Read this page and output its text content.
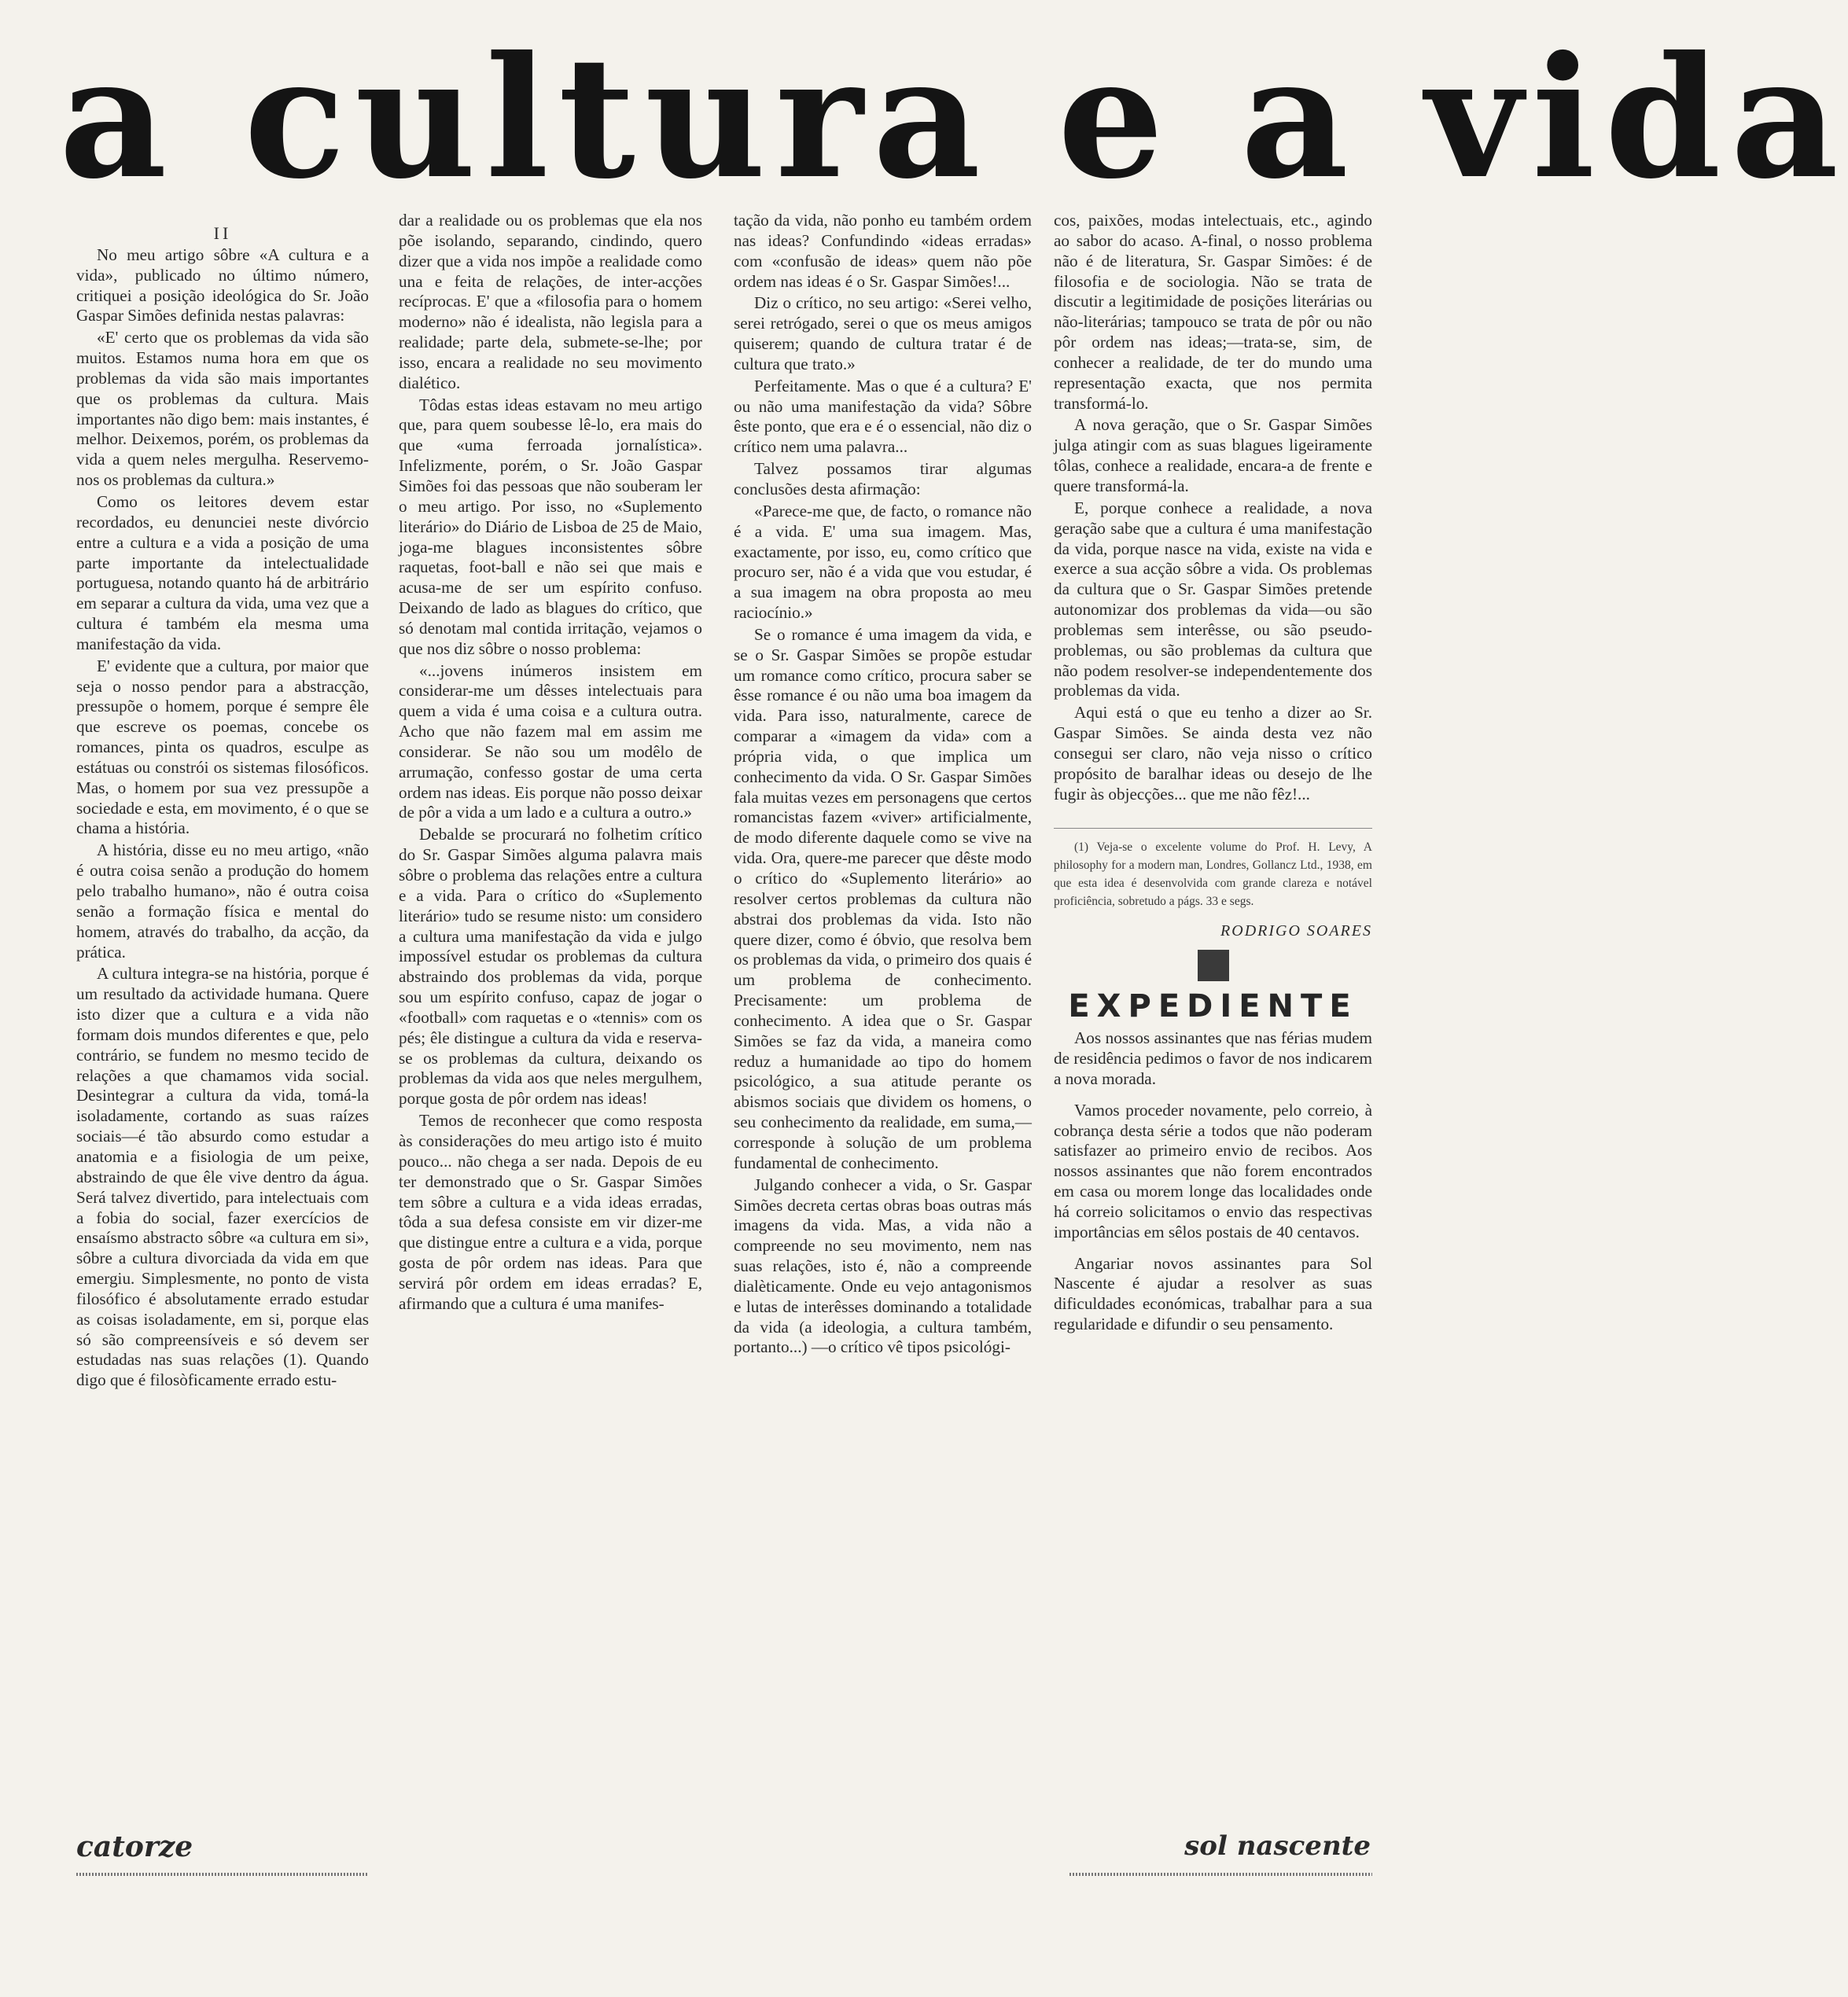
a cultura e a vida

II

No meu artigo sôbre «A cultura e a vida», publicado no último número, critiquei a posição ideológica do Sr. João Gaspar Simões definida nestas palavras:

«E' certo que os problemas da vida são muitos. Estamos numa hora em que os problemas da vida são mais importantes que os problemas da cultura. Mais importantes não digo bem: mais instantes, é melhor. Deixemos, porém, os problemas da vida a quem neles mergulha. Reservemo-nos os problemas da cultura.»

Como os leitores devem estar recordados, eu denunciei neste divórcio entre a cultura e a vida a posição de uma parte importante da intelectualidade portuguesa, notando quanto há de arbitrário em separar a cultura da vida, uma vez que a cultura é também ela mesma uma manifestação da vida.

E' evidente que a cultura, por maior que seja o nosso pendor para a abstracção, pressupõe o homem, porque é sempre êle que escreve os poemas, concebe os romances, pinta os quadros, esculpe as estátuas ou constrói os sistemas filosóficos. Mas, o homem por sua vez pressupõe a sociedade e esta, em movimento, é o que se chama a história.

A história, disse eu no meu artigo, «não é outra coisa senão a produção do homem pelo trabalho humano», não é outra coisa senão a formação física e mental do homem, através do trabalho, da acção, da prática.

A cultura integra-se na história, porque é um resultado da actividade humana. Quere isto dizer que a cultura e a vida não formam dois mundos diferentes e que, pelo contrário, se fundem no mesmo tecido de relações a que chamamos vida social. Desintegrar a cultura da vida, tomá-la isoladamente, cortando as suas raízes sociais—é tão absurdo como estudar a anatomia e a fisiologia de um peixe, abstraindo de que êle vive dentro da água. Será talvez divertido, para intelectuais com a fobia do social, fazer exercícios de ensaísmo abstracto sôbre «a cultura em si», sôbre a cultura divorciada da vida em que emergiu. Simplesmente, no ponto de vista filosófico é absolutamente errado estudar as coisas isoladamente, em si, porque elas só são compreensíveis e só devem ser estudadas nas suas relações (1). Quando digo que é filosòficamente errado estu-

dar a realidade ou os problemas que ela nos põe isolando, separando, cindindo, quero dizer que a vida nos impõe a realidade como una e feita de relações, de inter-acções recíprocas. E' que a «filosofia para o homem moderno» não é idealista, não legisla para a realidade; parte dela, submete-se-lhe; por isso, encara a realidade no seu movimento dialético.

Tôdas estas ideas estavam no meu artigo que, para quem soubesse lê-lo, era mais do que «uma ferroada jornalística». Infelizmente, porém, o Sr. João Gaspar Simões foi das pessoas que não souberam ler o meu artigo. Por isso, no «Suplemento literário» do Diário de Lisboa de 25 de Maio, joga-me blagues inconsistentes sôbre raquetas, foot-ball e não sei que mais e acusa-me de ser um espírito confuso. Deixando de lado as blagues do crítico, que só denotam mal contida irritação, vejamos o que nos diz sôbre o nosso problema:

«...jovens inúmeros insistem em considerar-me um dêsses intelectuais para quem a vida é uma coisa e a cultura outra. Acho que não fazem mal em assim me considerar. Se não sou um modêlo de arrumação, confesso gostar de uma certa ordem nas ideas. Eis porque não posso deixar de pôr a vida a um lado e a cultura a outro.»

Debalde se procurará no folhetim crítico do Sr. Gaspar Simões alguma palavra mais sôbre o problema das relações entre a cultura e a vida. Para o crítico do «Suplemento literário» tudo se resume nisto: um considero a cultura uma manifestação da vida e julgo impossível estudar os problemas da cultura abstraindo dos problemas da vida, porque sou um espírito confuso, capaz de jogar o «football» com raquetas e o «tennis» com os pés; êle distingue a cultura da vida e reserva-se os problemas da cultura, deixando os problemas da vida aos que neles mergulhem, porque gosta de pôr ordem nas ideas!

Temos de reconhecer que como resposta às considerações do meu artigo isto é muito pouco... não chega a ser nada. Depois de eu ter demonstrado que o Sr. Gaspar Simões tem sôbre a cultura e a vida ideas erradas, tôda a sua defesa consiste em vir dizer-me que distingue entre a cultura e a vida, porque gosta de pôr ordem nas ideas. Para que servirá pôr ordem em ideas erradas? E, afirmando que a cultura é uma manifes-

tação da vida, não ponho eu também ordem nas ideas? Confundindo «ideas erradas» com «confusão de ideas» quem não põe ordem nas ideas é o Sr. Gaspar Simões!...

Diz o crítico, no seu artigo: «Serei velho, serei retrógado, serei o que os meus amigos quiserem; quando de cultura tratar é de cultura que trato.»

Perfeitamente. Mas o que é a cultura? E' ou não uma manifestação da vida? Sôbre êste ponto, que era e é o essencial, não diz o crítico nem uma palavra...

Talvez possamos tirar algumas conclusões desta afirmação:

«Parece-me que, de facto, o romance não é a vida. E' uma sua imagem. Mas, exactamente, por isso, eu, como crítico que procuro ser, não é a vida que vou estudar, é a sua imagem na obra proposta ao meu raciocínio.»

Se o romance é uma imagem da vida, e se o Sr. Gaspar Simões se propõe estudar um romance como crítico, procura saber se êsse romance é ou não uma boa imagem da vida. Para isso, naturalmente, carece de comparar a «imagem da vida» com a própria vida, o que implica um conhecimento da vida. O Sr. Gaspar Simões fala muitas vezes em personagens que certos romancistas fazem «viver» artificialmente, de modo diferente daquele como se vive na vida. Ora, quere-me parecer que dêste modo o crítico do «Suplemento literário» ao resolver certos problemas da cultura não abstrai dos problemas da vida. Isto não quere dizer, como é óbvio, que resolva bem os problemas da vida, o primeiro dos quais é um problema de conhecimento. Precisamente: um problema de conhecimento. A idea que o Sr. Gaspar Simões se faz da vida, a maneira como reduz a humanidade ao tipo do homem psicológico, a sua atitude perante os abismos sociais que dividem os homens, o seu conhecimento da realidade, em suma,—corresponde à solução de um problema fundamental de conhecimento.

Julgando conhecer a vida, o Sr. Gaspar Simões decreta certas obras boas outras más imagens da vida. Mas, a vida não a compreende no seu movimento, nem nas suas relações, isto é, não a compreende dialèticamente. Onde eu vejo antagonismos e lutas de interêsses dominando a totalidade da vida (a ideologia, a cultura também, portanto...) —o crítico vê tipos psicológi-

cos, paixões, modas intelectuais, etc., agindo ao sabor do acaso. A-final, o nosso problema não é de literatura, Sr. Gaspar Simões: é de filosofia e de sociologia. Não se trata de discutir a legitimidade de posições literárias ou não-literárias; tampouco se trata de pôr ou não pôr ordem nas ideas;—trata-se, sim, de conhecer a realidade, de ter do mundo uma representação exacta, que nos permita transformá-lo.

A nova geração, que o Sr. Gaspar Simões julga atingir com as suas blagues ligeiramente tôlas, conhece a realidade, encara-a de frente e quere transformá-la.

E, porque conhece a realidade, a nova geração sabe que a cultura é uma manifestação da vida, porque nasce na vida, existe na vida e exerce a sua acção sôbre a vida. Os problemas da cultura que o Sr. Gaspar Simões pretende autonomizar dos problemas da vida—ou são problemas sem interêsse, ou são pseudo-problemas, ou são problemas da cultura que não podem resolver-se independentemente dos problemas da vida.

Aqui está o que eu tenho a dizer ao Sr. Gaspar Simões. Se ainda desta vez não consegui ser claro, não veja nisso o crítico propósito de baralhar ideas ou desejo de lhe fugir às objecções... que me não fêz!...

(1) Veja-se o excelente volume do Prof. H. Levy, A philosophy for a modern man, Londres, Gollancz Ltd., 1938, em que esta idea é desenvolvida com grande clareza e notável proficiência, sobretudo a págs. 33 e segs.

RODRIGO SOARES

EXPEDIENTE

Aos nossos assinantes que nas férias mudem de residência pedimos o favor de nos indicarem a nova morada.

Vamos proceder novamente, pelo correio, à cobrança desta série a todos que não poderam satisfazer ao primeiro envio de recibos. Aos nossos assinantes que não forem encontrados em casa ou morem longe das localidades onde há correio solicitamos o envio das respectivas importâncias em sêlos postais de 40 centavos.

Angariar novos assinantes para Sol Nascente é ajudar a resolver as suas dificuldades económicas, trabalhar para a sua regularidade e difundir o seu pensamento.

catorze	sol nascente
